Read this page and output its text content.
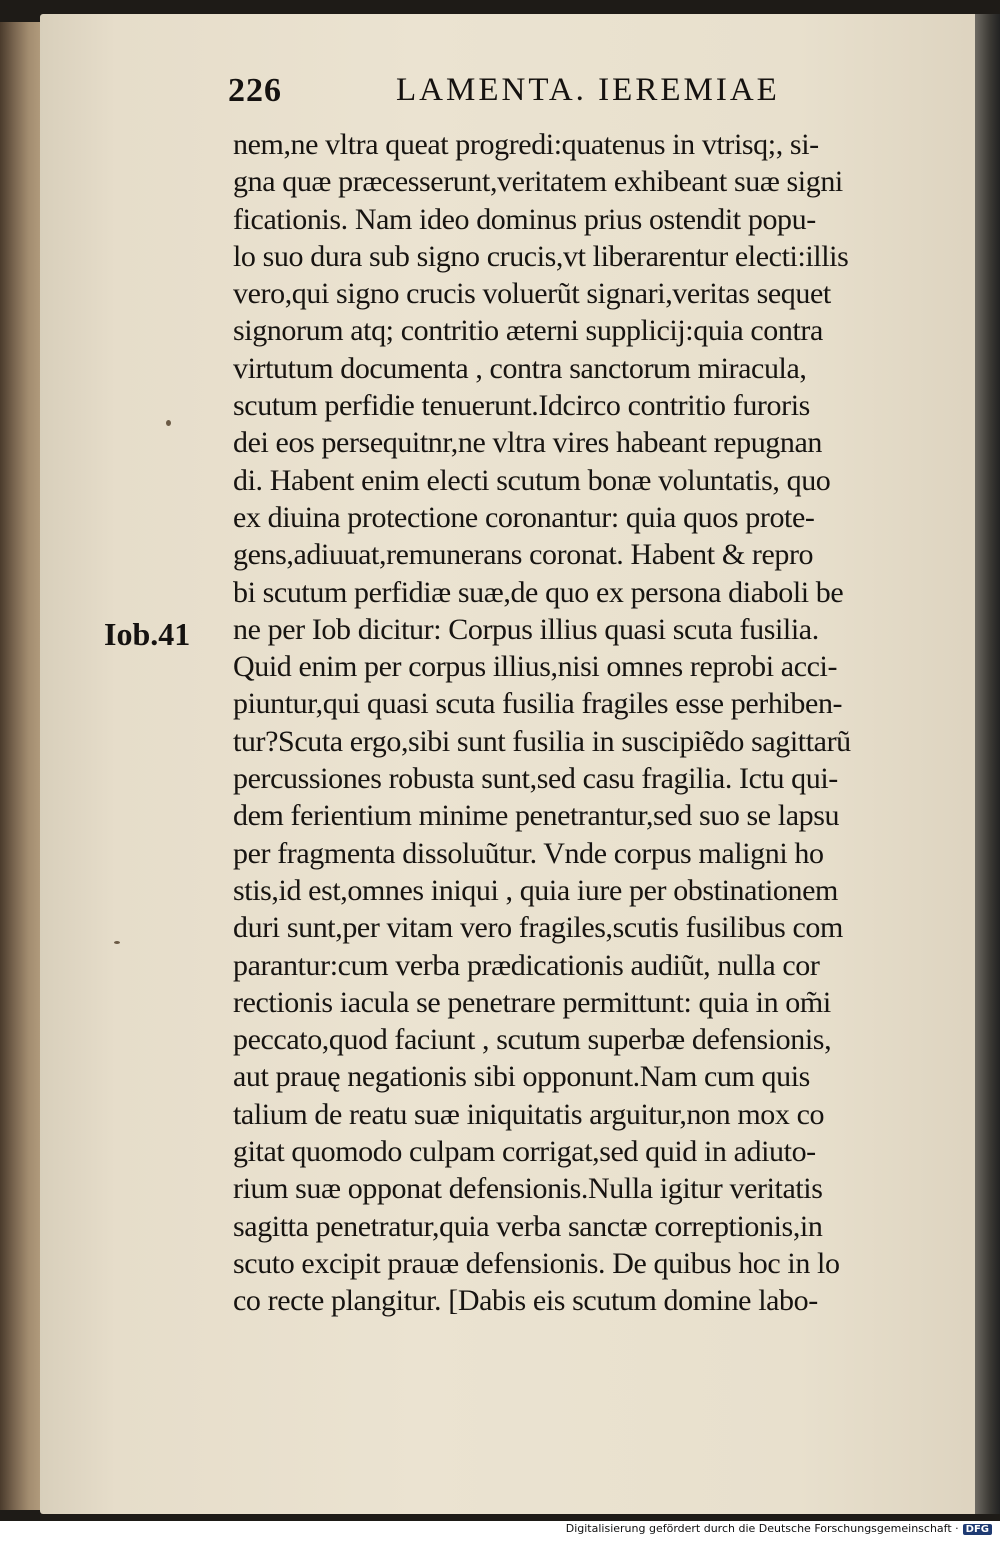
226	LAMENTA. IEREMIAE
Iob.41
nem,ne vltra queat progredi:quatenus in vtrisq;, si-
gna quæ præcesserunt,veritatem exhibeant suæ signi
ficationis. Nam ideo dominus prius ostendit popu-
lo suo dura sub signo crucis,vt liberarentur electi:illis
vero,qui signo crucis voluerũt signari,veritas sequet
signorum atq; contritio æterni supplicij:quia contra
virtutum documenta , contra sanctorum miracula,
scutum perfidie tenuerunt.Idcirco contritio furoris
dei eos persequitnr,ne vltra vires habeant repugnan
di. Habent enim electi scutum bonæ voluntatis, quo
ex diuina protectione coronantur: quia quos prote-
gens,adiuuat,remunerans coronat. Habent & repro
bi scutum perfidiæ suæ,de quo ex persona diaboli be
ne per Iob dicitur: Corpus illius quasi scuta fusilia.
Quid enim per corpus illius,nisi omnes reprobi acci-
piuntur,qui quasi scuta fusilia fragiles esse perhiben-
tur?Scuta ergo,sibi sunt fusilia in suscipiẽdo sagittarũ
percussiones robusta sunt,sed casu fragilia. Ictu qui-
dem ferientium minime penetrantur,sed suo se lapsu
per fragmenta dissoluũtur. Vnde corpus maligni ho
stis,id est,omnes iniqui , quia iure per obstinationem
duri sunt,per vitam vero fragiles,scutis fusilibus com
parantur:cum verba prædicationis audiũt, nulla cor
rectionis iacula se penetrare permittunt: quia in om̃i
peccato,quod faciunt , scutum superbæ defensionis,
aut prauę negationis sibi opponunt.Nam cum quis
talium de reatu suæ iniquitatis arguitur,non mox co
gitat quomodo culpam corrigat,sed quid in adiuto-
rium suæ opponat defensionis.Nulla igitur veritatis
sagitta penetratur,quia verba sanctæ correptionis,in
scuto excipit prauæ defensionis. De quibus hoc in lo
co recte plangitur. [Dabis eis scutum domine labo-
Digitalisierung gefördert durch die Deutsche Forschungsgemeinschaft · DFG
